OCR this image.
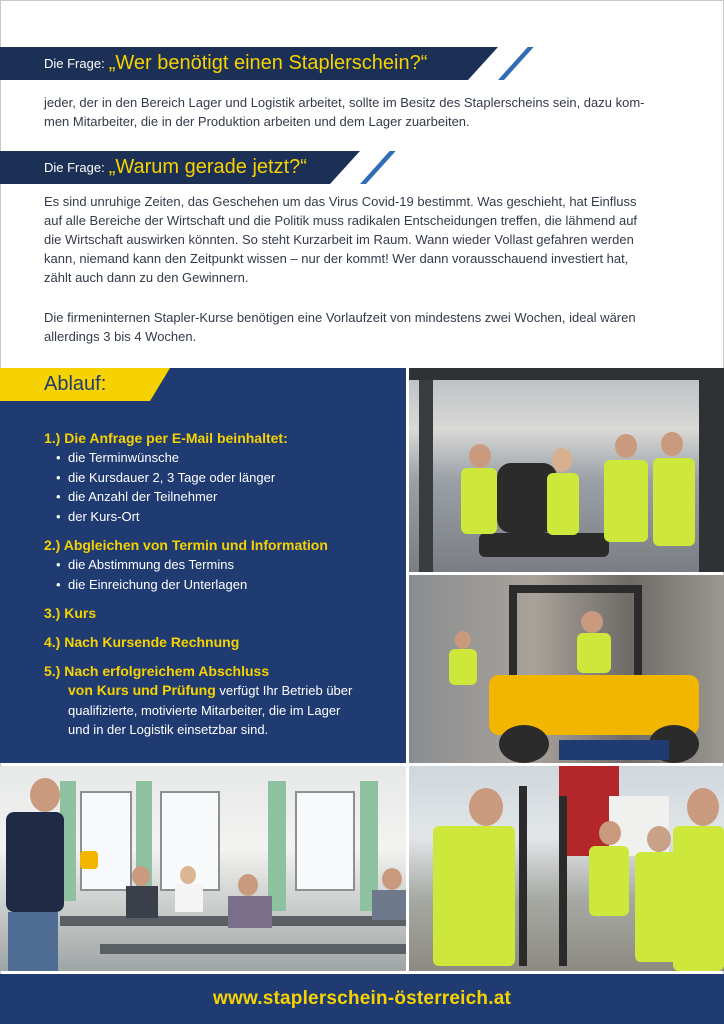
Die Frage: „Wer benötigt einen Staplerschein?“
jeder, der in den Bereich Lager und Logistik arbeitet, sollte im Besitz des Staplerscheins sein, dazu kom-
men Mitarbeiter, die in der Produktion arbeiten und dem Lager zuarbeiten.
Die Frage: „Warum gerade jetzt?“
Es sind unruhige Zeiten, das Geschehen um das Virus Covid-19 bestimmt. Was geschieht, hat Einfluss
auf alle Bereiche der Wirtschaft und die Politik muss radikalen Entscheidungen treffen, die lähmend auf
die Wirtschaft auswirken könnten. So steht Kurzarbeit im Raum. Wann wieder Vollast gefahren werden
kann, niemand kann den Zeitpunkt wissen – nur der kommt! Wer dann vorausschauend investiert hat,
zählt auch dann zu den Gewinnern.
Die firmeninternen Stapler-Kurse benötigen eine Vorlaufzeit von mindestens zwei Wochen, ideal wären
allerdings 3 bis 4 Wochen.
Ablauf:
1.) Die Anfrage per E-Mail beinhaltet:
• die Terminwünsche
• die Kursdauer 2, 3 Tage oder länger
• die Anzahl der Teilnehmer
• der Kurs-Ort
2.) Abgleichen von Termin und Information
• die Abstimmung des Termins
• die Einreichung der Unterlagen
3.) Kurs
4.) Nach Kursende Rechnung
5.) Nach erfolgreichem Abschluss
von Kurs und Prüfung verfügt Ihr Betrieb über
qualifizierte, motivierte Mitarbeiter, die im Lager
und in der Logistik einsetzbar sind.
www.staplerschein-österreich.at
